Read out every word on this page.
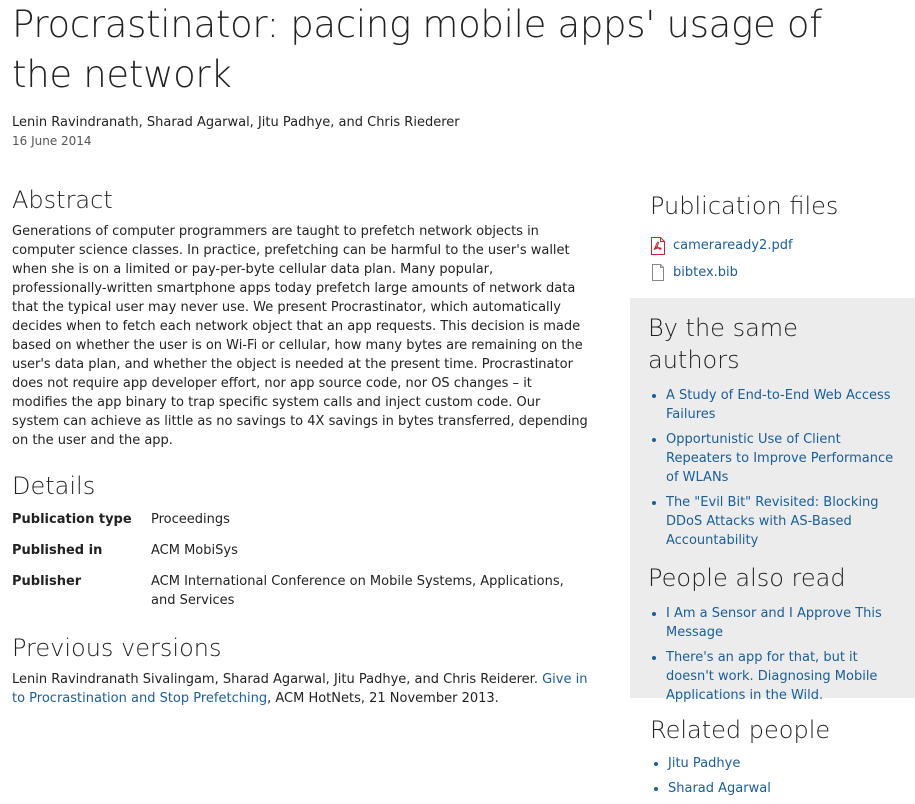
Procrastinator: pacing mobile apps' usage of the network
Lenin Ravindranath, Sharad Agarwal, Jitu Padhye, and Chris Riederer
16 June 2014
Abstract

Generations of computer programmers are taught to prefetch network objects in computer science classes. In practice, prefetching can be harmful to the user's wallet when she is on a limited or pay-per-byte cellular data plan. Many popular, professionally-written smartphone apps today prefetch large amounts of network data that the typical user may never use. We present Procrastinator, which automatically decides when to fetch each network object that an app requests. This decision is made based on whether the user is on Wi-Fi or cellular, how many bytes are remaining on the user's data plan, and whether the object is needed at the present time. Procrastinator does not require app developer effort, nor app source code, nor OS changes – it modifies the app binary to trap specific system calls and inject custom code. Our system can achieve as little as no savings to 4X savings in bytes transferred, depending on the user and the app.

Details
Publication type	Proceedings
Published in	ACM MobiSys
Publisher	ACM International Conference on Mobile Systems, Applications, and Services
Previous versions

Lenin Ravindranath Sivalingam, Sharad Agarwal, Jitu Padhye, and Chris Reiderer. Give in to Procrastination and Stop Prefetching, ACM HotNets, 21 November 2013.

Publication files
cameraready2.pdf
bibtex.bib
By the same authors
• A Study of End-to-End Web Access Failures
• Opportunistic Use of Client Repeaters to Improve Performance of WLANs
• The "Evil Bit" Revisited: Blocking DDoS Attacks with AS-Based Accountability
People also read
• I Am a Sensor and I Approve This Message
• There's an app for that, but it doesn't work. Diagnosing Mobile Applications in the Wild.
Related people
• Jitu Padhye
• Sharad Agarwal
